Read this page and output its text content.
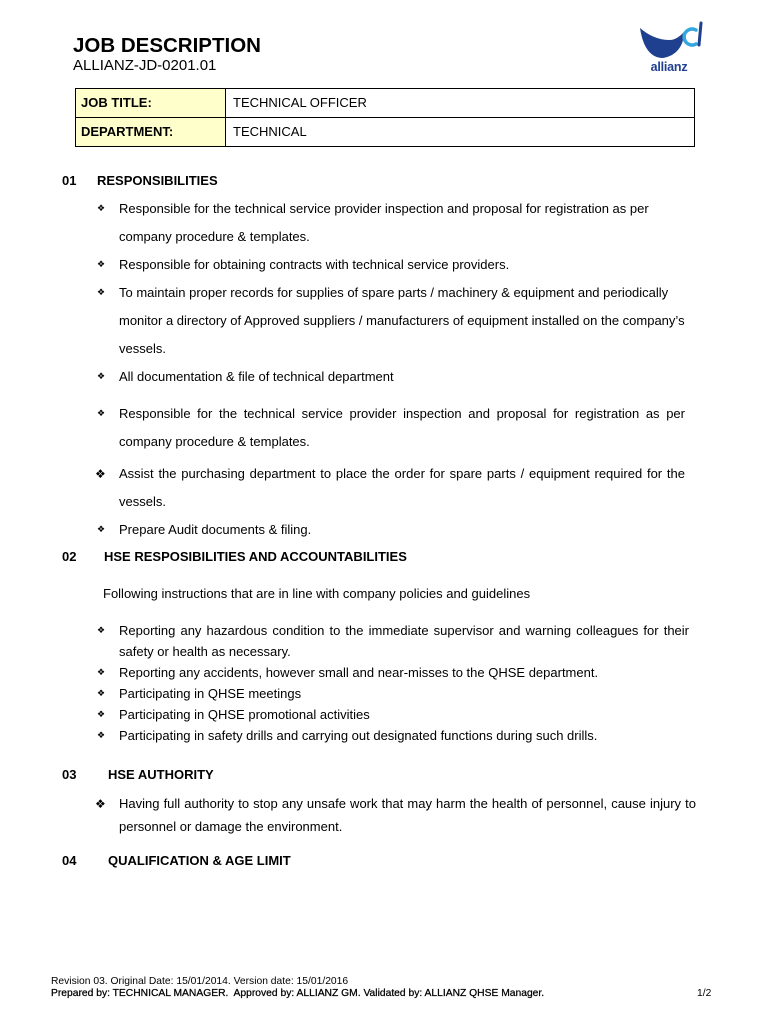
JOB DESCRIPTION
ALLIANZ-JD-0201.01	allianz
JOB TITLE:	TECHNICAL OFFICER
DEPARTMENT:	TECHNICAL
01 RESPONSIBILITIES
❖ Responsible for the technical service provider inspection and proposal for registration as per
company procedure & templates.
❖ Responsible for obtaining contracts with technical service providers.
❖ To maintain proper records for supplies of spare parts / machinery & equipment and periodically
monitor a directory of Approved suppliers / manufacturers of equipment installed on the company’s
vessels.
❖ All documentation & file of technical department
❖ Responsible for the technical service provider inspection and proposal for registration as per
company procedure & templates.
❖ Assist the purchasing department to place the order for spare parts / equipment required for the
vessels.
❖ Prepare Audit documents & filing.
02 HSE RESPOSIBILITIES AND ACCOUNTABILITIES
Following instructions that are in line with company policies and guidelines
❖ Reporting any hazardous condition to the immediate supervisor and warning colleagues for their
safety or health as necessary.
❖ Reporting any accidents, however small and near-misses to the QHSE department.
❖ Participating in QHSE meetings
❖ Participating in QHSE promotional activities
❖ Participating in safety drills and carrying out designated functions during such drills.
03 HSE AUTHORITY
❖ Having full authority to stop any unsafe work that may harm the health of personnel, cause injury to
personnel or damage the environment.
04 QUALIFICATION & AGE LIMIT
Revision 03. Original Date: 15/01/2014. Version date: 15/01/2016
Prepared by: TECHNICAL MANAGER.  Approved by: ALLIANZ GM. Validated by: ALLIANZ QHSE Manager.	1/2
